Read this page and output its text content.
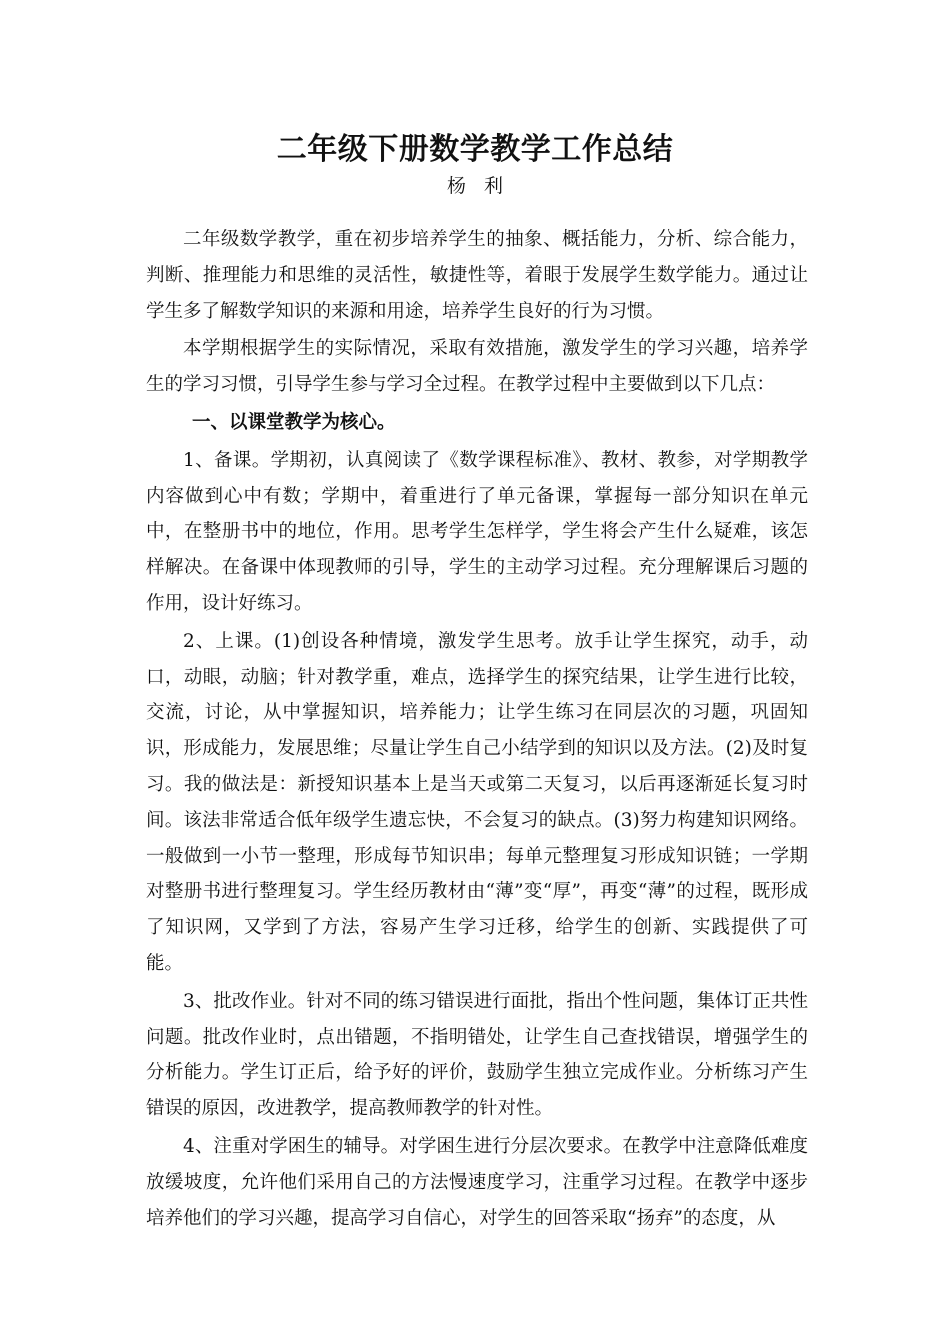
二年级下册数学教学工作总结
杨利

二年级数学教学，重在初步培养学生的抽象、概括能力，分析、综合能力，判断、推理能力和思维的灵活性，敏捷性等，着眼于发展学生数学能力。通过让学生多了解数学知识的来源和用途，培养学生良好的行为习惯。

本学期根据学生的实际情况，采取有效措施，激发学生的学习兴趣，培养学生的学习习惯，引导学生参与学习全过程。在教学过程中主要做到以下几点：

一、以课堂教学为核心。

1、备课。学期初，认真阅读了《数学课程标准》、教材、教参，对学期教学内容做到心中有数；学期中，着重进行了单元备课，掌握每一部分知识在单元中，在整册书中的地位，作用。思考学生怎样学，学生将会产生什么疑难，该怎样解决。在备课中体现教师的引导，学生的主动学习过程。充分理解课后习题的作用，设计好练习。

2、上课。(1)创设各种情境，激发学生思考。放手让学生探究，动手，动口，动眼，动脑；针对教学重，难点，选择学生的探究结果，让学生进行比较，交流，讨论，从中掌握知识，培养能力；让学生练习在同层次的习题，巩固知识，形成能力，发展思维；尽量让学生自己小结学到的知识以及方法。(2)及时复习。我的做法是：新授知识基本上是当天或第二天复习，以后再逐渐延长复习时间。该法非常适合低年级学生遗忘快，不会复习的缺点。(3)努力构建知识网络。一般做到一小节一整理，形成每节知识串；每单元整理复习形成知识链；一学期对整册书进行整理复习。学生经历教材由“薄”变“厚”，再变“薄”的过程，既形成了知识网，又学到了方法，容易产生学习迁移，给学生的创新、实践提供了可能。

3、批改作业。针对不同的练习错误进行面批，指出个性问题，集体订正共性问题。批改作业时，点出错题，不指明错处，让学生自己查找错误，增强学生的分析能力。学生订正后，给予好的评价，鼓励学生独立完成作业。分析练习产生错误的原因，改进教学，提高教师教学的针对性。

4、注重对学困生的辅导。对学困生进行分层次要求。在教学中注意降低难度放缓坡度，允许他们采用自己的方法慢速度学习，注重学习过程。在教学中逐步培养他们的学习兴趣，提高学习自信心，对学生的回答采取“扬弃”的态度，从
